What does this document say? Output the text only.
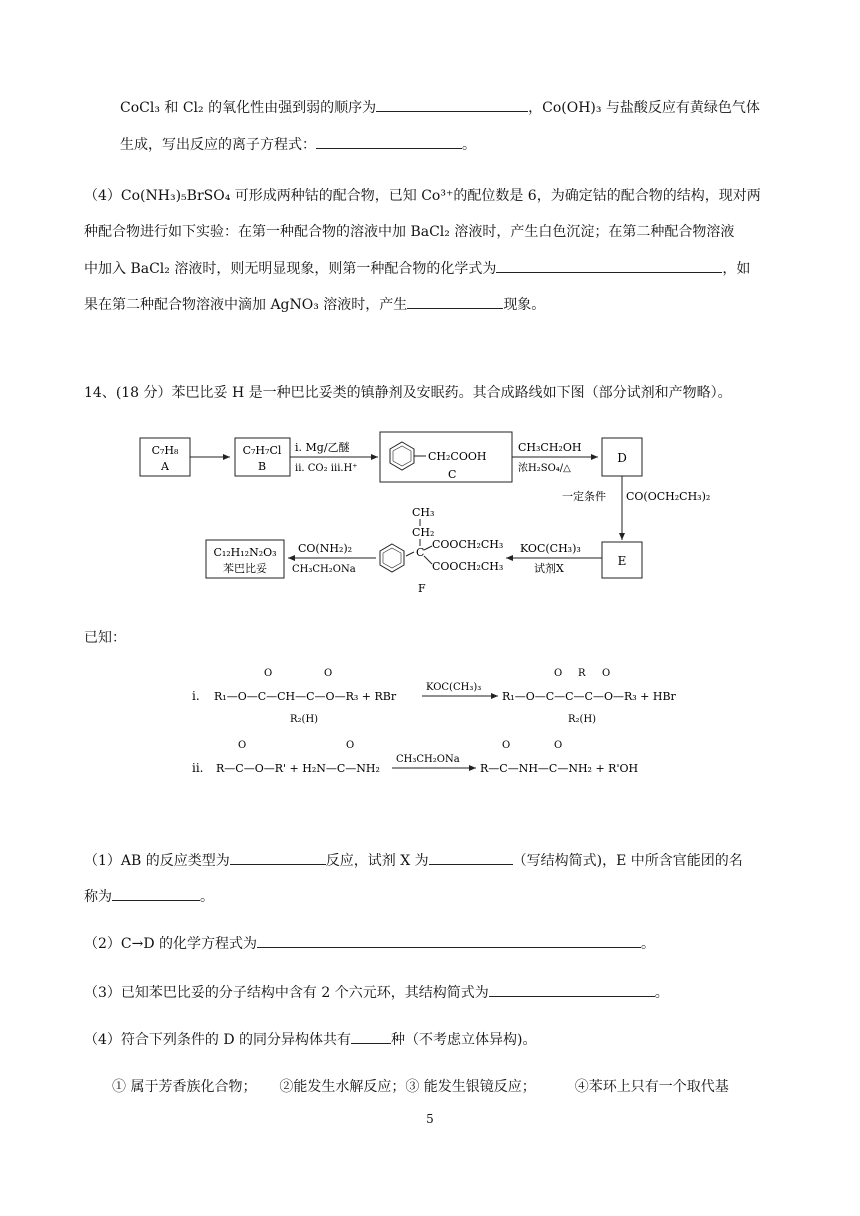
CoCl₃ 和 Cl₂ 的氧化性由强到弱的顺序为	，Co(OH)₃ 与盐酸反应有黄绿色气体
生成，写出反应的离子方程式：	。
（4）Co(NH₃)₅BrSO₄ 可形成两种钴的配合物，已知 Co³⁺的配位数是 6，为确定钴的配合物的结构，现对两
种配合物进行如下实验：在第一种配合物的溶液中加 BaCl₂ 溶液时，产生白色沉淀；在第二种配合物溶液
中加入 BaCl₂ 溶液时，则无明显现象，则第一种配合物的化学式为	，如
果在第二种配合物溶液中滴加 AgNO₃ 溶液时，产生	现象。
14、(18 分）苯巴比妥 H 是一种巴比妥类的镇静剂及安眠药。其合成路线如下图（部分试剂和产物略）。
C₇H₈
A
C₇H₇Cl
B
i. Mg/乙醚
ii. CO₂ iii.H⁺
CH₂COOH
C
CH₃CH₂OH
浓H₂SO₄/△
D
一定条件 CO(OCH₂CH₃)₂
E
KOC(CH₃)₃
试剂X
CH₃
CH₂
C
COOCH₂CH₃
COOCH₂CH₃
F
CO(NH₂)₂
CH₃CH₂ONa
C₁₂H₁₂N₂O₃
苯巴比妥
已知：
i.
O	O
R₁—O—C—CH—C—O—R₃ + RBr
R₂(H)
KOC(CH₃)₃
O R O
R₁—O—C—C—C—O—R₃ + HBr
R₂(H)
ii.
O	O
R—C—O—R' + H₂N—C—NH₂
CH₃CH₂ONa
O	O
R—C—NH—C—NH₂ + R'OH
（1）AB 的反应类型为	反应，试剂 X 为	（写结构简式)，E 中所含官能团的名
称为	。
（2）C→D 的化学方程式为	。
（3）已知苯巴比妥的分子结构中含有 2 个六元环，其结构简式为	。
（4）符合下列条件的 D 的同分异构体共有	种（不考虑立体异构)。
① 属于芳香族化合物； ②能发生水解反应；③ 能发生银镜反应；	④苯环上只有一个取代基
5
